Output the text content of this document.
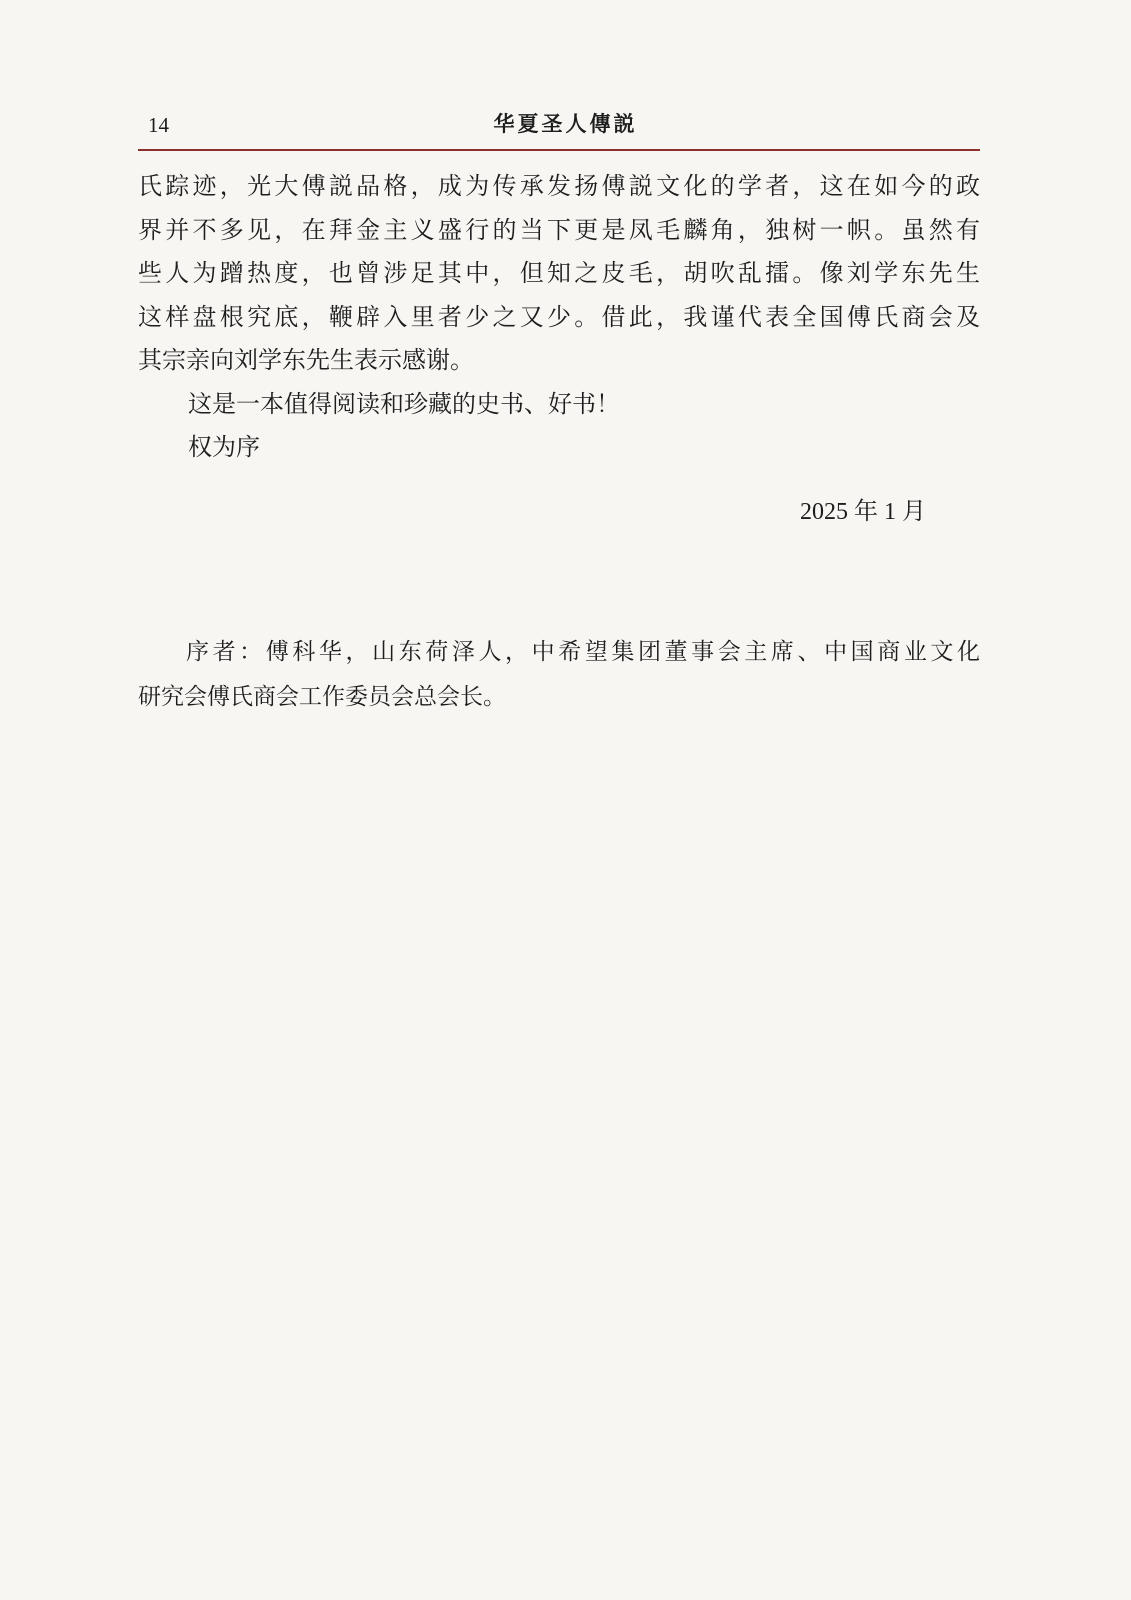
14	华夏圣人傳説
氏踪迹，光大傅説品格，成为传承发扬傅説文化的学者，这在如今的政
界并不多见，在拜金主义盛行的当下更是凤毛麟角，独树一帜。虽然有
些人为蹭热度，也曾涉足其中，但知之皮毛，胡吹乱擂。像刘学东先生
这样盘根究底，鞭辟入里者少之又少。借此，我谨代表全国傅氏商会及
其宗亲向刘学东先生表示感谢。
这是一本值得阅读和珍藏的史书、好书！
权为序
2025 年 1 月
序者：傅科华，山东荷泽人，中希望集团董事会主席、中国商业文化
研究会傅氏商会工作委员会总会长。
